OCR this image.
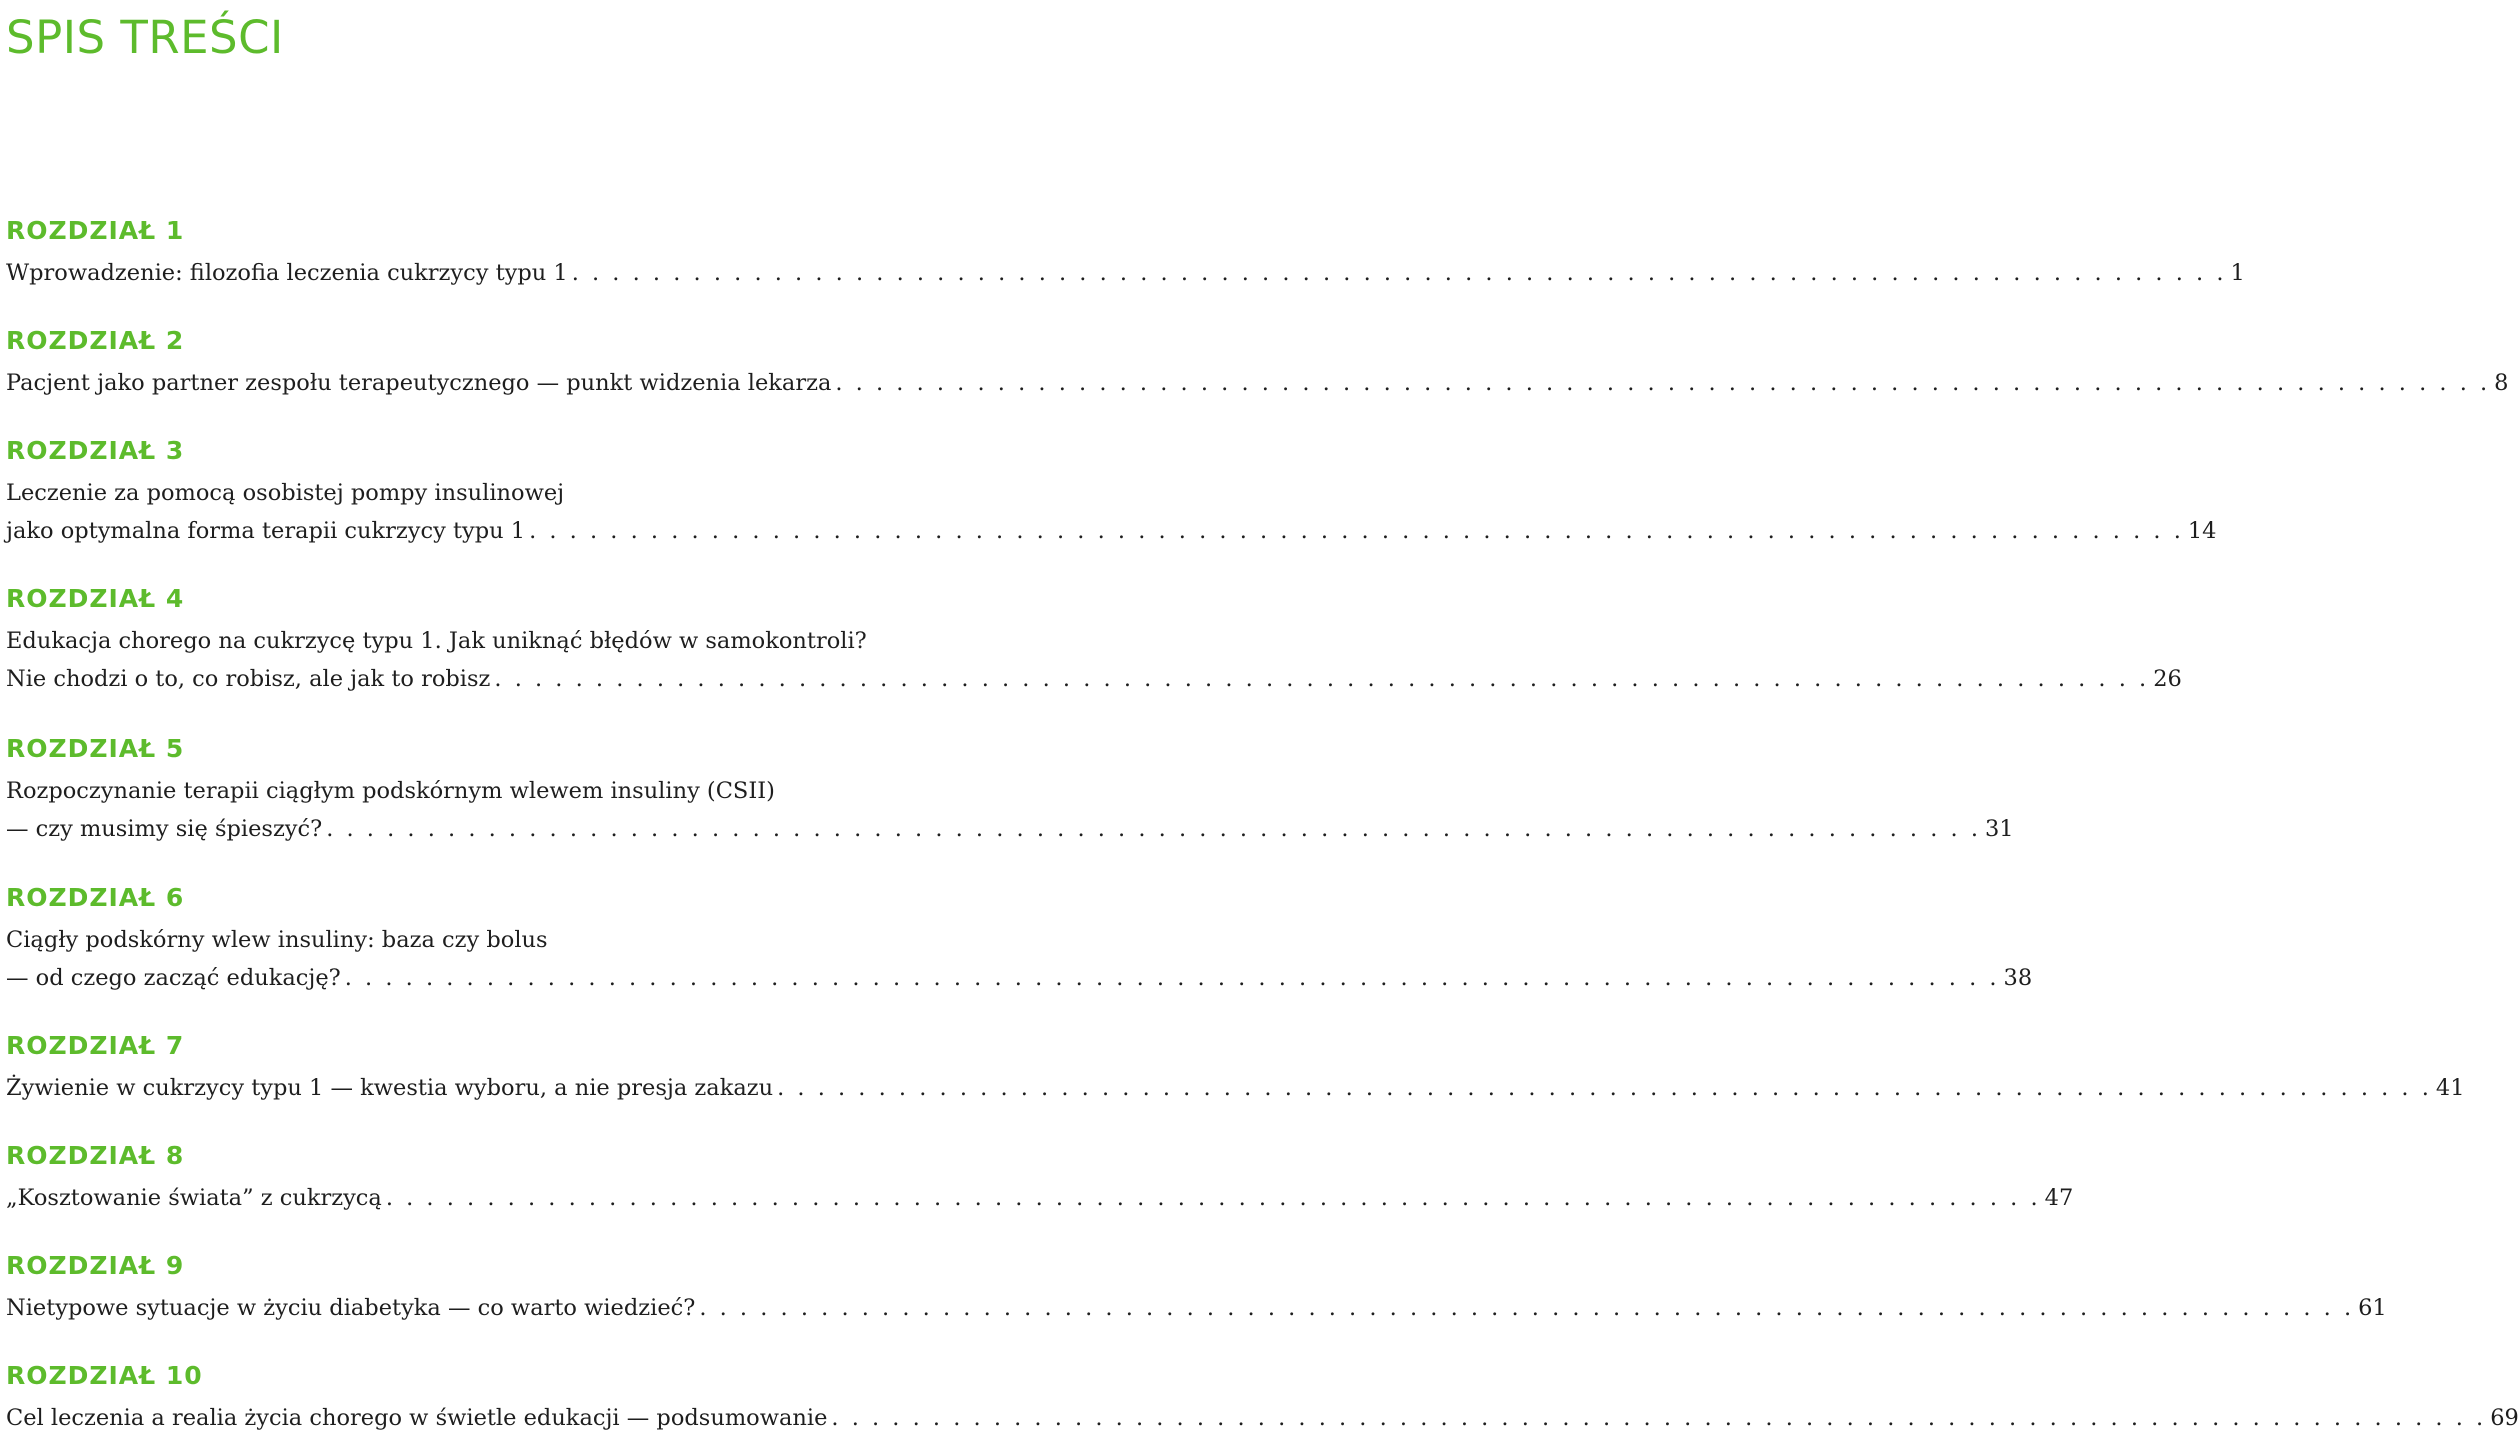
SPIS TREŚCI
ROZDZIAŁ 1
Wprowadzenie: filozofia leczenia cukrzycy typu 1 . . . . . . . . . . . . . . . . . . . . . . . . . . . . . . . . . . . . . . . . . . . . . . . . . . . . . . . . . . . . . . . . . . . . . . . . . . . . . . . . . . 1
ROZDZIAŁ 2
Pacjent jako partner zespołu terapeutycznego — punkt widzenia lekarza . . . . . . . . . . . . . . . . . . . . . . . . . . . . . . . . . . . . . . . . . . . . . . . . . . . . . . . . . . . . . . . . . . . . . . . . . . . . . . . . . . 8
ROZDZIAŁ 3
Leczenie za pomocą osobistej pompy insulinowej
jako optymalna forma terapii cukrzycy typu 1 . . . . . . . . . . . . . . . . . . . . . . . . . . . . . . . . . . . . . . . . . . . . . . . . . . . . . . . . . . . . . . . . . . . . . . . . . . . . . . . . . . 14
ROZDZIAŁ 4
Edukacja chorego na cukrzycę typu 1. Jak uniknąć błędów w samokontroli?
Nie chodzi o to, co robisz, ale jak to robisz . . . . . . . . . . . . . . . . . . . . . . . . . . . . . . . . . . . . . . . . . . . . . . . . . . . . . . . . . . . . . . . . . . . . . . . . . . . . . . . . . . 26
ROZDZIAŁ 5
Rozpoczynanie terapii ciągłym podskórnym wlewem insuliny (CSII)
— czy musimy się śpieszyć? . . . . . . . . . . . . . . . . . . . . . . . . . . . . . . . . . . . . . . . . . . . . . . . . . . . . . . . . . . . . . . . . . . . . . . . . . . . . . . . . . . 31
ROZDZIAŁ 6
Ciągły podskórny wlew insuliny: baza czy bolus
— od czego zacząć edukację? . . . . . . . . . . . . . . . . . . . . . . . . . . . . . . . . . . . . . . . . . . . . . . . . . . . . . . . . . . . . . . . . . . . . . . . . . . . . . . . . . . 38
ROZDZIAŁ 7
Żywienie w cukrzycy typu 1 — kwestia wyboru, a nie presja zakazu . . . . . . . . . . . . . . . . . . . . . . . . . . . . . . . . . . . . . . . . . . . . . . . . . . . . . . . . . . . . . . . . . . . . . . . . . . . . . . . . . . 41
ROZDZIAŁ 8
„Kosztowanie świata” z cukrzycą . . . . . . . . . . . . . . . . . . . . . . . . . . . . . . . . . . . . . . . . . . . . . . . . . . . . . . . . . . . . . . . . . . . . . . . . . . . . . . . . . . 47
ROZDZIAŁ 9
Nietypowe sytuacje w życiu diabetyka — co warto wiedzieć? . . . . . . . . . . . . . . . . . . . . . . . . . . . . . . . . . . . . . . . . . . . . . . . . . . . . . . . . . . . . . . . . . . . . . . . . . . . . . . . . . . 61
ROZDZIAŁ 10
Cel leczenia a realia życia chorego w świetle edukacji — podsumowanie . . . . . . . . . . . . . . . . . . . . . . . . . . . . . . . . . . . . . . . . . . . . . . . . . . . . . . . . . . . . . . . . . . . . . . . . . . . . . . . . . . 69
